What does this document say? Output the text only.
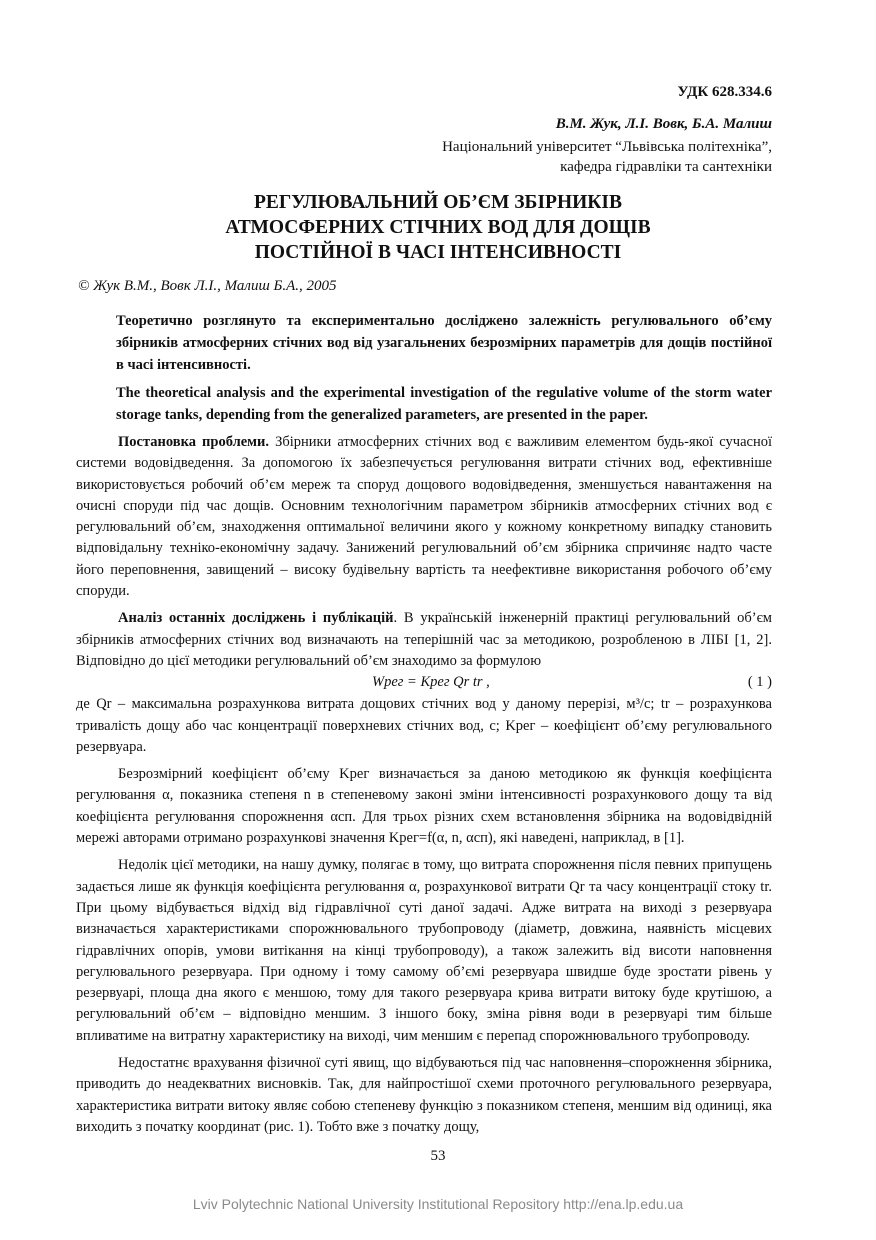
УДК 628.334.6
В.М. Жук, Л.І. Вовк, Б.А. Малиш
Національний університет “Львівська політехніка”,
кафедра гідравліки та сантехніки
РЕГУЛЮВАЛЬНИЙ ОБ’ЄМ ЗБІРНИКІВ
АТМОСФЕРНИХ СТІЧНИХ ВОД ДЛЯ ДОЩІВ
ПОСТІЙНОЇ В ЧАСІ ІНТЕНСИВНОСТІ
© Жук В.М., Вовк Л.І., Малиш Б.А., 2005
Теоретично розглянуто та експериментально досліджено залежність регулювального об’єму збірників атмосферних стічних вод від узагальнених безрозмірних параметрів для дощів постійної в часі інтенсивності.
The theoretical analysis and the experimental investigation of the regulative volume of the storm water storage tanks, depending from the generalized parameters, are presented in the paper.

Постановка проблеми. Збірники атмосферних стічних вод є важливим елементом будь-якої сучасної системи водовідведення. За допомогою їх забезпечується регулювання витрати стічних вод, ефективніше використовується робочий об’єм мереж та споруд дощового водовідведення, зменшується навантаження на очисні споруди під час дощів. Основним технологічним параметром збірників атмосферних стічних вод є регулювальний об’єм, знаходження оптимальної величини якого у кожному конкретному випадку становить відповідальну техніко-економічну задачу. Занижений регулювальний об’єм збірника спричиняє надто часте його переповнення, завищений – високу будівельну вартість та неефективне використання робочого об’єму споруди.

Аналіз останніх досліджень і публікацій. В українській інженерній практиці регулювальний об’єм збірників атмосферних стічних вод визначають на теперішній час за методикою, розробленою в ЛІБІ [1, 2]. Відповідно до цієї методики регулювальний об’єм знаходимо за формулою

Wрег = Kрег Qr tr ,	( 1 )

де Qr – максимальна розрахункова витрата дощових стічних вод у даному перерізі, м³/с; tr – розрахункова тривалість дощу або час концентрації поверхневих стічних вод, с; Kрег – коефіцієнт об’єму регулювального резервуара.

Безрозмірний коефіцієнт об’єму Kрег визначається за даною методикою як функція коефіцієнта регулювання α, показника степеня n в степеневому законі зміни інтенсивності розрахункового дощу та від коефіцієнта регулювання спорожнення αсп. Для трьох різних схем встановлення збірника на водовідвідній мережі авторами отримано розрахункові значення Kрег=f(α, n, αсп), які наведені, наприклад, в [1].

Недолік цієї методики, на нашу думку, полягає в тому, що витрата спорожнення після певних припущень задається лише як функція коефіцієнта регулювання α, розрахункової витрати Qr та часу концентрації стоку tr. При цьому відбувається відхід від гідравлічної суті даної задачі. Адже витрата на виході з резервуара визначається характеристиками спорожнювального трубопроводу (діаметр, довжина, наявність місцевих гідравлічних опорів, умови витікання на кінці трубопроводу), а також залежить від висоти наповнення регулювального резервуара. При одному і тому самому об’ємі резервуара швидше буде зростати рівень у резервуарі, площа дна якого є меншою, тому для такого резервуара крива витрати витоку буде крутішою, а регулювальний об’єм – відповідно меншим. З іншого боку, зміна рівня води в резервуарі тим більше впливатиме на витратну характеристику на виході, чим меншим є перепад спорожнювального трубопроводу.

Недостатнє врахування фізичної суті явищ, що відбуваються під час наповнення–спорожнення збірника, приводить до неадекватних висновків. Так, для найпростішої схеми проточного регулювального резервуара, характеристика витрати витоку являє собою степеневу функцію з показником степеня, меншим від одиниці, яка виходить з початку координат (рис. 1). Тобто вже з початку дощу,

53
Lviv Polytechnic National University Institutional Repository http://ena.lp.edu.ua
